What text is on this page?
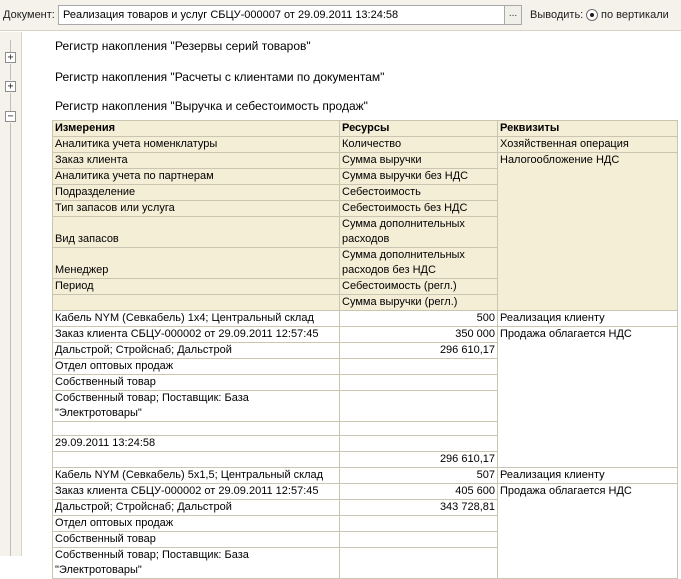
Документ: Реализация товаров и услуг СБЦУ-000007 от 29.09.2011 13:24:58	...	Выводить: по вертикали
+
+
−
Регистр накопления "Резервы серий товаров"
Регистр накопления "Расчеты с клиентами по документам"
Регистр накопления "Выручка и себестоимость продаж"
Измерения	Ресурсы	Реквизиты
Аналитика учета номенклатуры	Количество	Хозяйственная операция
Заказ клиента	Сумма выручки	Налогообложение НДС
Аналитика учета по партнерам	Сумма выручки без НДС	
Подразделение	Себестоимость	
Тип запасов или услуга	Себестоимость без НДС	
Вид запасов	Сумма дополнительных расходов	
Менеджер	Сумма дополнительных расходов без НДС	
Период	Себестоимость (регл.)	
	Сумма выручки (регл.)	
Кабель NYM (Севкабель) 1x4; Центральный склад	500	Реализация клиенту
Заказ клиента СБЦУ-000002 от 29.09.2011 12:57:45	350 000	Продажа облагается НДС
Дальстрой; Стройснаб; Дальстрой	296 610,17	
Отдел оптовых продаж		
Собственный товар		
Собственный товар; Поставщик: База "Электротовары"		

29.09.2011 13:24:58		
	296 610,17	
Кабель NYM (Севкабель) 5x1,5; Центральный склад	507	Реализация клиенту
Заказ клиента СБЦУ-000002 от 29.09.2011 12:57:45	405 600	Продажа облагается НДС
Дальстрой; Стройснаб; Дальстрой	343 728,81	
Отдел оптовых продаж		
Собственный товар		
Собственный товар; Поставщик: База "Электротовары"		
